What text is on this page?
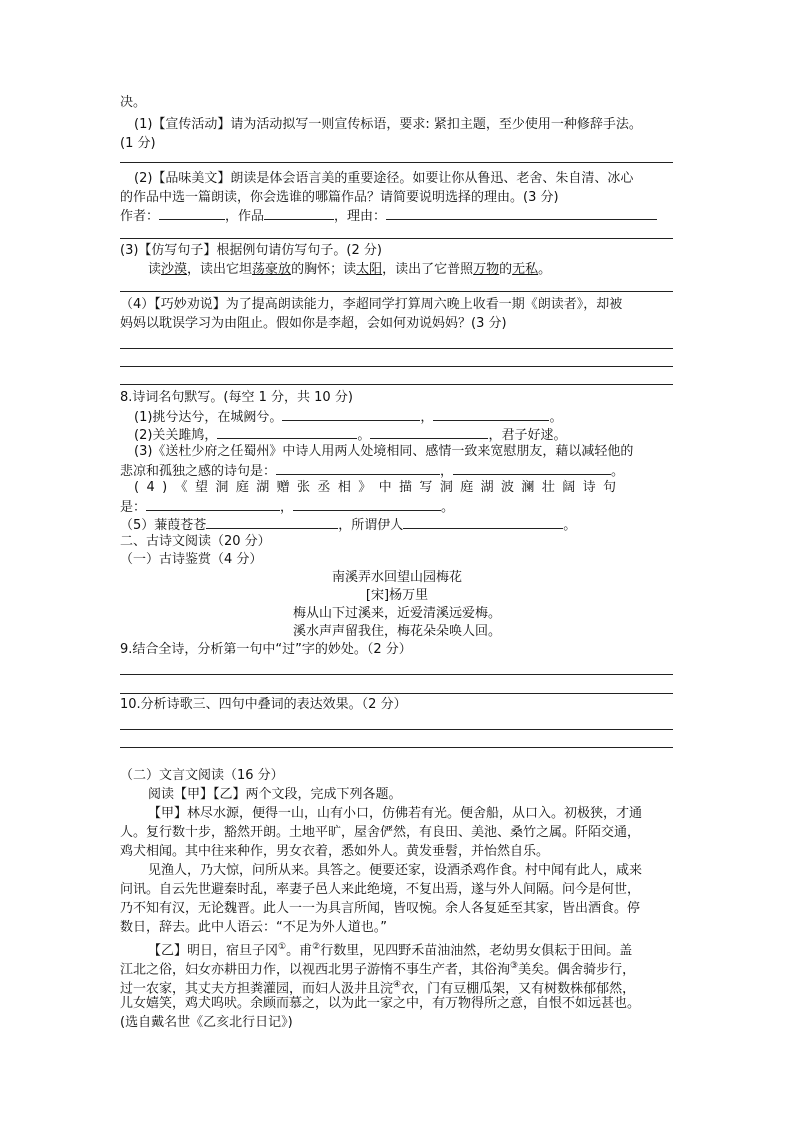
决。
(1)【宣传活动】请为活动拟写一则宣传标语，要求: 紧扣主题，至少使用一种修辞手法。
(1 分)
(2)【品味美文】朗读是体会语言美的重要途径。如要让你从鲁迅、老舍、朱自清、冰心
的作品中选一篇朗读，你会选谁的哪篇作品？请简要说明选择的理由。(3 分)
作者：	，作品	，理由：
(3)【仿写句子】根据例句请仿写句子。(2 分)
读沙漠，读出它坦荡豪放的胸怀；读太阳，读出了它普照万物的无私。
（4）【巧妙劝说】为了提高朗读能力，李超同学打算周六晚上收看一期《朗读者》，却被
妈妈以耽误学习为由阻止。假如你是李超，会如何劝说妈妈？(3 分)
8.诗词名句默写。(每空 1 分，共 10 分)
(1)挑兮达兮，在城阙兮。	，	。
(2)关关雎鸠，	。	，君子好逑。
(3)《送杜少府之任蜀州》中诗人用两人处境相同、感情一致来宽慰朋友，藉以减轻他的
悲凉和孤独之感的诗句是：	，	。
(4)《望洞庭湖赠张丞相》中描写洞庭湖波澜壮阔诗句
是：	，	。
（5）蒹葭苍苍	，所谓伊人	。
二、古诗文阅读（20 分）
（一）古诗鉴赏（4 分）
南溪弄水回望山园梅花
[宋]杨万里
梅从山下过溪来，近爱清溪远爱梅。
溪水声声留我住，梅花朵朵唤人回。
9.结合全诗，分析第一句中“过”字的妙处。（2 分）
10.分析诗歌三、四句中叠词的表达效果。（2 分）
（二）文言文阅读（16 分）
阅读【甲】【乙】两个文段，完成下列各题。
【甲】林尽水源，便得一山，山有小口，仿佛若有光。便舍船，从口入。初极狭，才通
人。复行数十步，豁然开朗。土地平旷，屋舍俨然，有良田、美池、桑竹之属。阡陌交通，
鸡犬相闻。其中往来种作，男女衣着，悉如外人。黄发垂髫，并怡然自乐。
见渔人，乃大惊，问所从来。具答之。便要还家，设酒杀鸡作食。村中闻有此人，咸来
问讯。自云先世避秦时乱，率妻子邑人来此绝境，不复出焉，遂与外人间隔。问今是何世，
乃不知有汉，无论魏晋。此人一一为具言所闻，皆叹惋。余人各复延至其家，皆出酒食。停
数日，辞去。此中人语云：“不足为外人道也。”
【乙】明日，宿旦子冈①。甫②行数里，见四野禾苗油油然，老幼男女俱耘于田间。盖
江北之俗，妇女亦耕田力作，以视西北男子游惰不事生产者，其俗洵③美矣。偶舍骑步行，
过一农家，其丈夫方担粪灌园，而妇人汲井且浣④衣，门有豆棚瓜架，又有树数株郁郁然，
儿女嬉笑，鸡犬呜吠。余顾而慕之，以为此一家之中，有万物得所之意，自恨不如远甚也。
(选自戴名世《乙亥北行日记》)
